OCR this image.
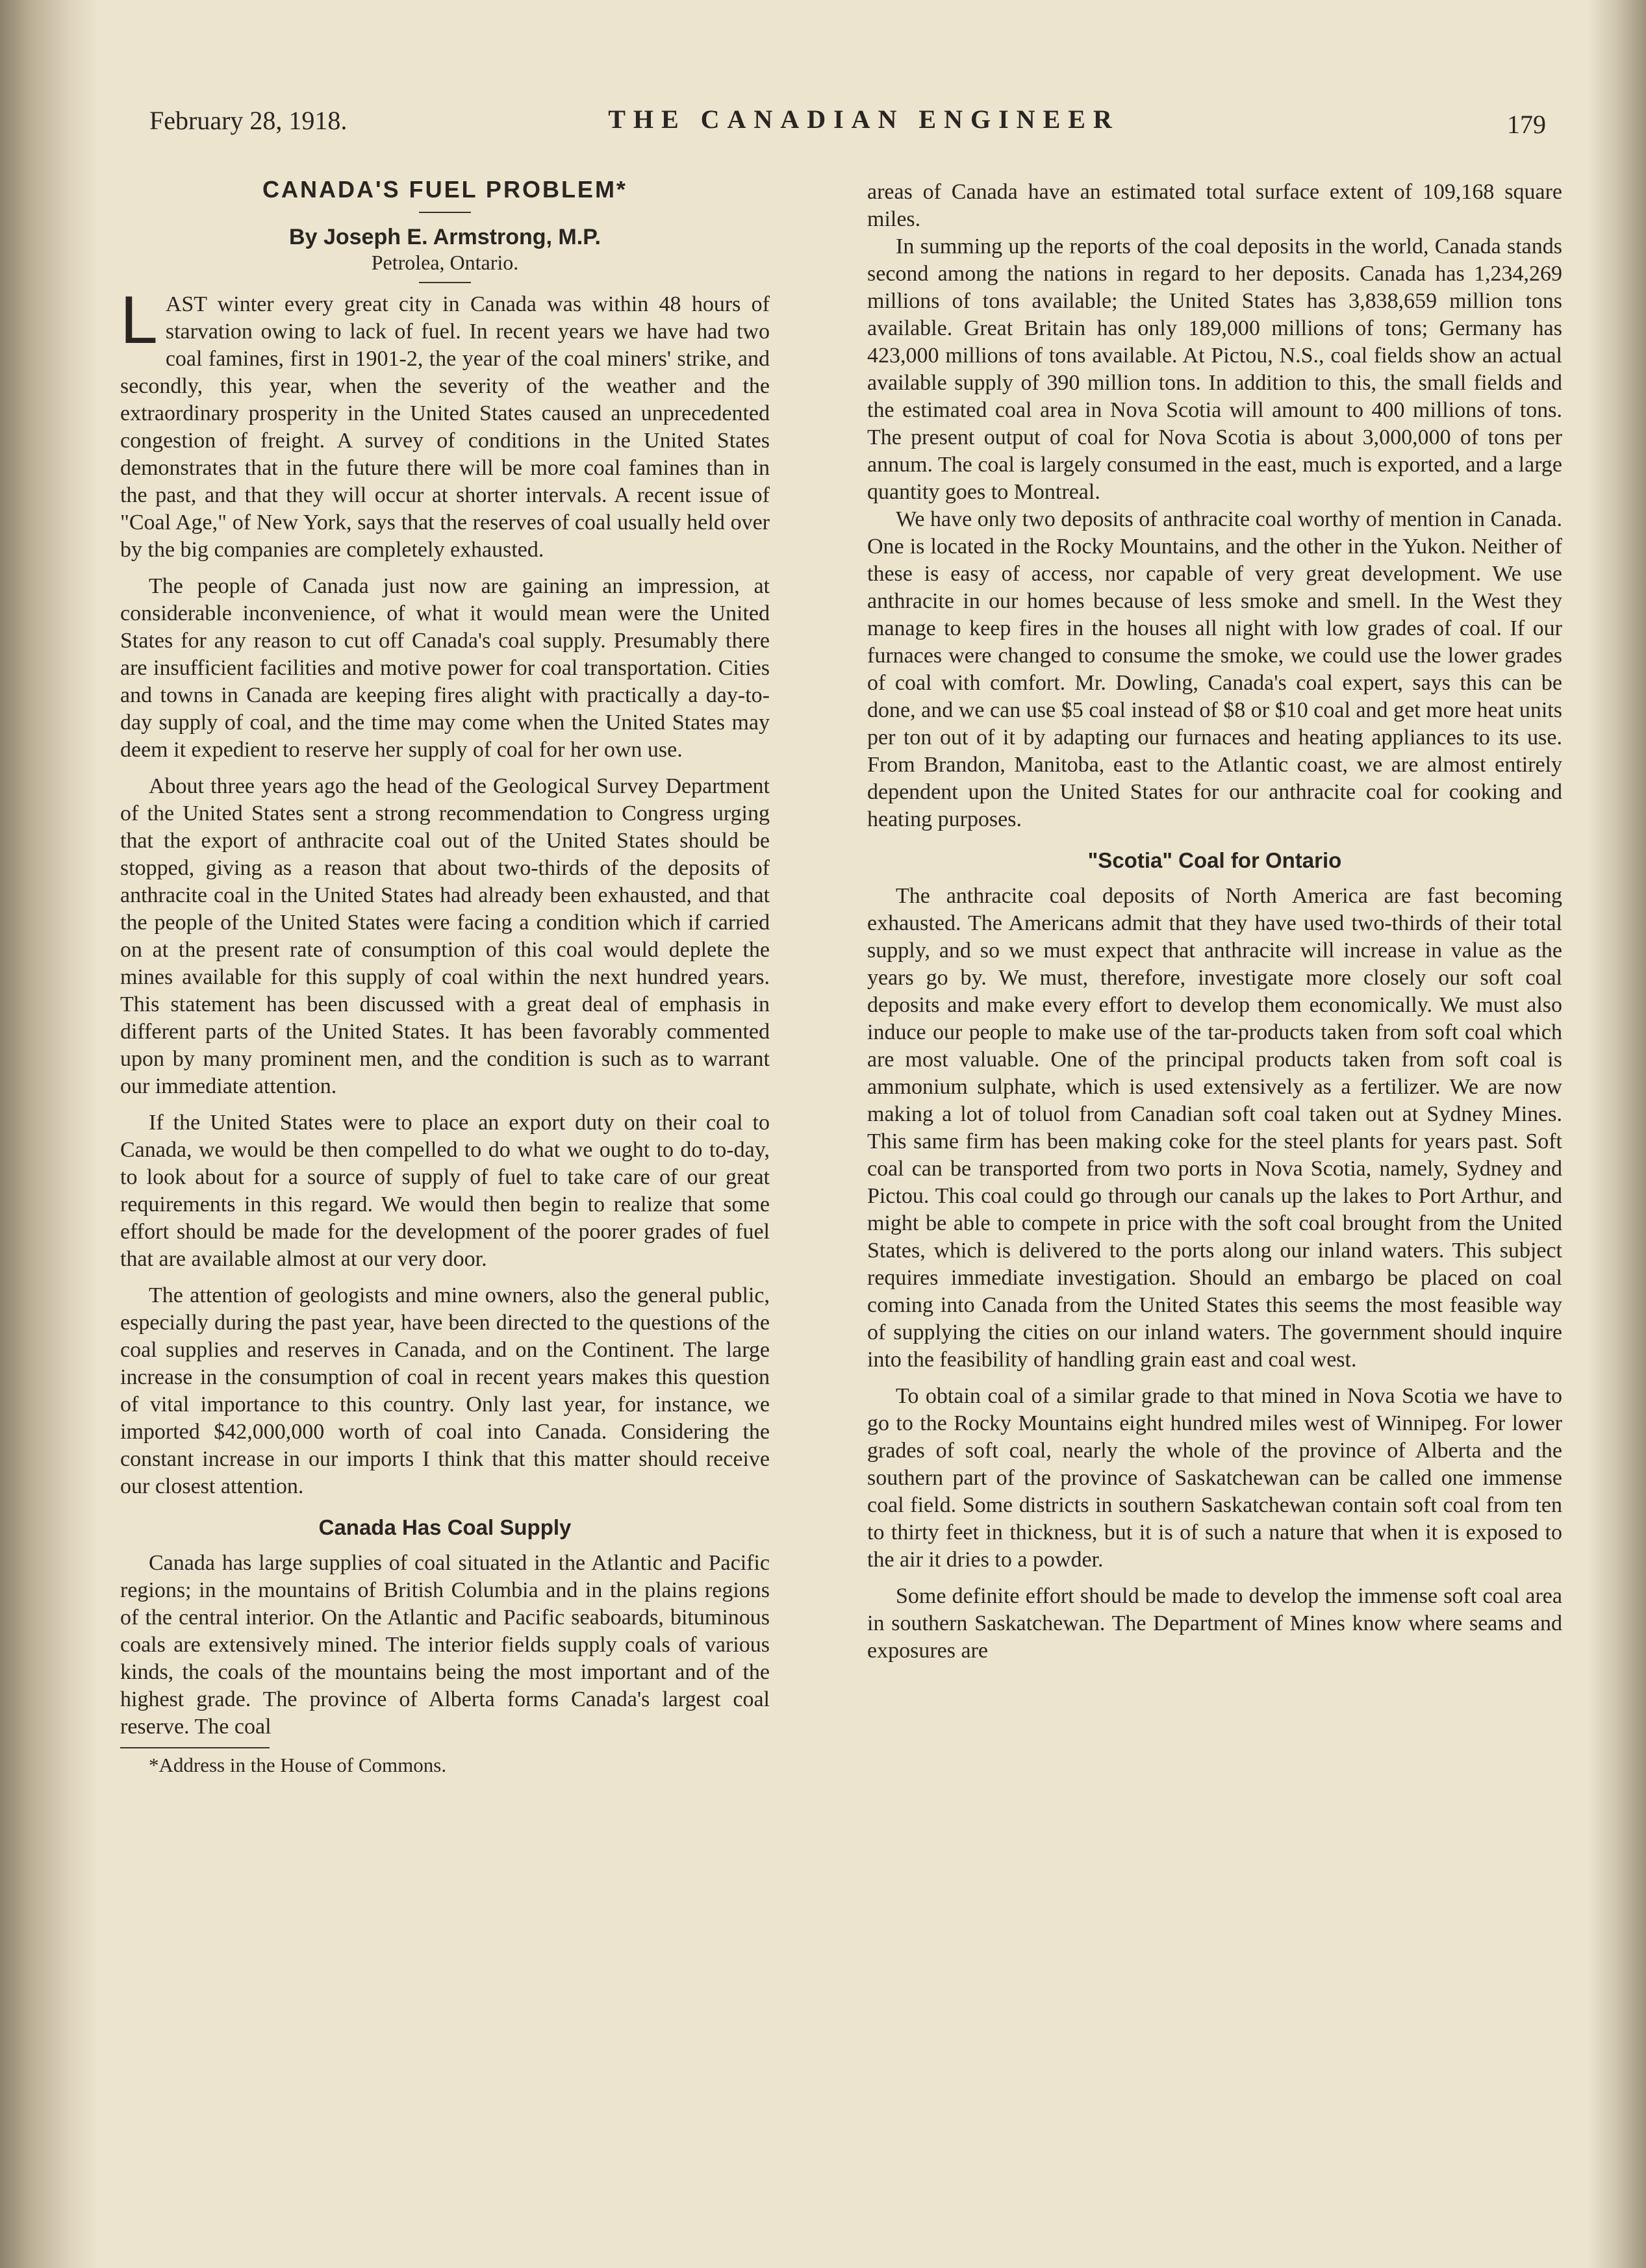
February 28, 1918.	THE CANADIAN ENGINEER	179
CANADA'S FUEL PROBLEM*
By Joseph E. Armstrong, M.P.
Petrolea, Ontario.
L AST winter every great city in Canada was within 48 hours of starvation owing to lack of fuel. In recent years we have had two coal famines, first in 1901-2, the year of the coal miners' strike, and secondly, this year, when the severity of the weather and the extraordinary prosperity in the United States caused an unprecedented congestion of freight. A survey of conditions in the United States demonstrates that in the future there will be more coal famines than in the past, and that they will occur at shorter intervals. A recent issue of "Coal Age," of New York, says that the reserves of coal usually held over by the big companies are completely exhausted.

The people of Canada just now are gaining an impression, at considerable inconvenience, of what it would mean were the United States for any reason to cut off Canada's coal supply. Presumably there are insufficient facilities and motive power for coal transportation. Cities and towns in Canada are keeping fires alight with practically a day-to-day supply of coal, and the time may come when the United States may deem it expedient to reserve her supply of coal for her own use.

About three years ago the head of the Geological Survey Department of the United States sent a strong recommendation to Congress urging that the export of anthracite coal out of the United States should be stopped, giving as a reason that about two-thirds of the deposits of anthracite coal in the United States had already been exhausted, and that the people of the United States were facing a condition which if carried on at the present rate of consumption of this coal would deplete the mines available for this supply of coal within the next hundred years. This statement has been discussed with a great deal of emphasis in different parts of the United States. It has been favorably commented upon by many prominent men, and the condition is such as to warrant our immediate attention.

If the United States were to place an export duty on their coal to Canada, we would be then compelled to do what we ought to do to-day, to look about for a source of supply of fuel to take care of our great requirements in this regard. We would then begin to realize that some effort should be made for the development of the poorer grades of fuel that are available almost at our very door.

The attention of geologists and mine owners, also the general public, especially during the past year, have been directed to the questions of the coal supplies and reserves in Canada, and on the Continent. The large increase in the consumption of coal in recent years makes this question of vital importance to this country. Only last year, for instance, we imported $42,000,000 worth of coal into Canada. Considering the constant increase in our imports I think that this matter should receive our closest attention.

Canada Has Coal Supply

Canada has large supplies of coal situated in the Atlantic and Pacific regions; in the mountains of British Columbia and in the plains regions of the central interior. On the Atlantic and Pacific seaboards, bituminous coals are extensively mined. The interior fields supply coals of various kinds, the coals of the mountains being the most important and of the highest grade. The province of Alberta forms Canada's largest coal reserve. The coal

*Address in the House of Commons.

areas of Canada have an estimated total surface extent of 109,168 square miles.

In summing up the reports of the coal deposits in the world, Canada stands second among the nations in regard to her deposits. Canada has 1,234,269 millions of tons available; the United States has 3,838,659 million tons available. Great Britain has only 189,000 millions of tons; Germany has 423,000 millions of tons available. At Pictou, N.S., coal fields show an actual available supply of 390 million tons. In addition to this, the small fields and the estimated coal area in Nova Scotia will amount to 400 millions of tons. The present output of coal for Nova Scotia is about 3,000,000 of tons per annum. The coal is largely consumed in the east, much is exported, and a large quantity goes to Montreal.

We have only two deposits of anthracite coal worthy of mention in Canada. One is located in the Rocky Mountains, and the other in the Yukon. Neither of these is easy of access, nor capable of very great development. We use anthracite in our homes because of less smoke and smell. In the West they manage to keep fires in the houses all night with low grades of coal. If our furnaces were changed to consume the smoke, we could use the lower grades of coal with comfort. Mr. Dowling, Canada's coal expert, says this can be done, and we can use $5 coal instead of $8 or $10 coal and get more heat units per ton out of it by adapting our furnaces and heating appliances to its use. From Brandon, Manitoba, east to the Atlantic coast, we are almost entirely dependent upon the United States for our anthracite coal for cooking and heating purposes.

"Scotia" Coal for Ontario

The anthracite coal deposits of North America are fast becoming exhausted. The Americans admit that they have used two-thirds of their total supply, and so we must expect that anthracite will increase in value as the years go by. We must, therefore, investigate more closely our soft coal deposits and make every effort to develop them economically. We must also induce our people to make use of the tar-products taken from soft coal which are most valuable. One of the principal products taken from soft coal is ammonium sulphate, which is used extensively as a fertilizer. We are now making a lot of toluol from Canadian soft coal taken out at Sydney Mines. This same firm has been making coke for the steel plants for years past. Soft coal can be transported from two ports in Nova Scotia, namely, Sydney and Pictou. This coal could go through our canals up the lakes to Port Arthur, and might be able to compete in price with the soft coal brought from the United States, which is delivered to the ports along our inland waters. This subject requires immediate investigation. Should an embargo be placed on coal coming into Canada from the United States this seems the most feasible way of supplying the cities on our inland waters. The government should inquire into the feasibility of handling grain east and coal west.

To obtain coal of a similar grade to that mined in Nova Scotia we have to go to the Rocky Mountains eight hundred miles west of Winnipeg. For lower grades of soft coal, nearly the whole of the province of Alberta and the southern part of the province of Saskatchewan can be called one immense coal field. Some districts in southern Saskatchewan contain soft coal from ten to thirty feet in thickness, but it is of such a nature that when it is exposed to the air it dries to a powder.

Some definite effort should be made to develop the immense soft coal area in southern Saskatchewan. The Department of Mines know where seams and exposures are
